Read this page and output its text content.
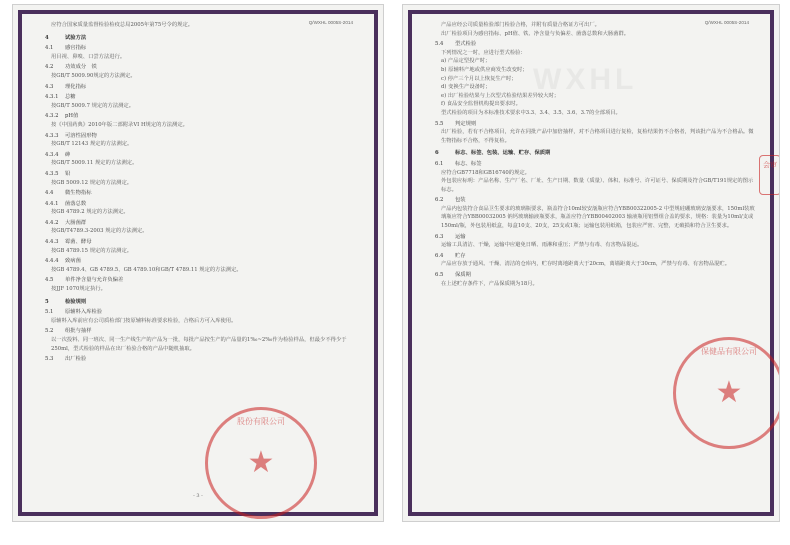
Q/WXHL 0005S-2014
应符合国家质量监督检验检疫总局2005年第75号令的规定。
4	试验方法
4.1 感官指标
用目视、鼻嗅、口尝方法进行。
4.2 功效成分　铁
按GB/T 5009.90规定的方法测定。
4.3 理化指标
4.3.1 总糖
按GB/T 5009.7 规定的方法测定。
4.3.2 pH值
按《中国药典》2010年版二部附录VI H规定的方法测定。
4.3.3 可溶性固形物
按GB/T 12143 规定的方法测定。
4.3.4 砷
按GB/T 5009.11 规定的方法测定。
4.3.5 铅
按GB 5009.12 规定的方法测定。
4.4 微生物指标
4.4.1 菌落总数
按GB 4789.2 规定的方法测定。
4.4.2 大肠菌群
按GB/T4789.3-2003 规定的方法测定。
4.4.3 霉菌、酵母
按GB 4789.15 规定的方法测定。
4.4.4 致病菌
按GB 4789.4、GB 4789.5、GB 4789.10和GB/T 4789.11 规定的方法测定。
4.5 单件净含量与允许负偏差
按JJF 1070规定执行。
5	检验规则
5.1 原辅料入库检验
原辅料入库前应有公司质检部门按原辅料标准要求检验，合格后方可入库使用。
5.2 组批与抽样
以一次投料、同一班次、同一生产线生产的产品为一批，每批产品按生产的产品量的1‰~2‰作为检验样品，但最少不得少于250ml，型式检验的样品在出厂检验合格的产品中随机抽取。
5.3 出厂检验
- 3 -
股份有限公司
★
WXHL
Q/WXHL 0005S-2014
产品应经公司质量检验部门检验合格，并附有质量合格证方可出厂。
出厂检验项目为感官指标、pH值、铁、净含量与负偏差、菌落总数和大肠菌群。
5.4 型式检验
下列情况之一时，应进行型式检验：
a) 产品定型投产时；
b) 原辅料产地或供应商发生改变时；
c) 停产三个月以上恢复生产时；
d) 变换生产设备时；
e) 出厂检验结果与上次型式检验结果差异较大时；
f) 食品安全监督机构提出要求时。
型式检验的项目为本标准技术要求中3.3、3.4、3.5、3.6、3.7的全部项目。
5.5 判定规则
出厂检验，若有不合格项目，允许在同批产品中加倍抽样，对不合格项目进行复检，复检结果仍不合格者，判该批产品为不合格品。微生物指标不合格，不得复检。
6	标志、标签、包装、运输、贮存、保质期
6.1 标志、标签
应符合GB7718和GB16740的规定。
外包装应标明：产品名称、生产厂名、厂址、生产日期、数量（质量）、体积、标准号、许可证号、保质期及符合GB/T191规定的图示标志。
6.2 包装
产品内包装符合食品卫生要求的玻璃瓶要求，瓶盖符合10ml较安瓿瓶应符合YBB00322005-2 中型规硅硼玻璃安瓿要求，150ml装玻璃瓶应符合YBB00032005 钠钙玻璃输液瓶要求，瓶盖应符合YBB00402003 输液瓶用铝塑组合盖的要求，规格：装量为10ml/支或150ml/瓶，外包装用纸盒，每盒10支、20支，25支或1瓶；运输包装用纸箱，包装应严密、完整，无破损和符合卫生要求。
6.3 运输
运输工具清洁、干燥，运输中应避免日晒、雨淋和重压；严禁与有毒、有害物品混运。
6.4 贮存
产品应存放于通风、干燥、清洁的仓库内，贮存时离地距离大于20cm，离墙距离大于30cm，严禁与有毒、有害物品混贮。
6.5 保质期
在上述贮存条件下，产品保质期为18月。
会审
保健品有限公司
★
